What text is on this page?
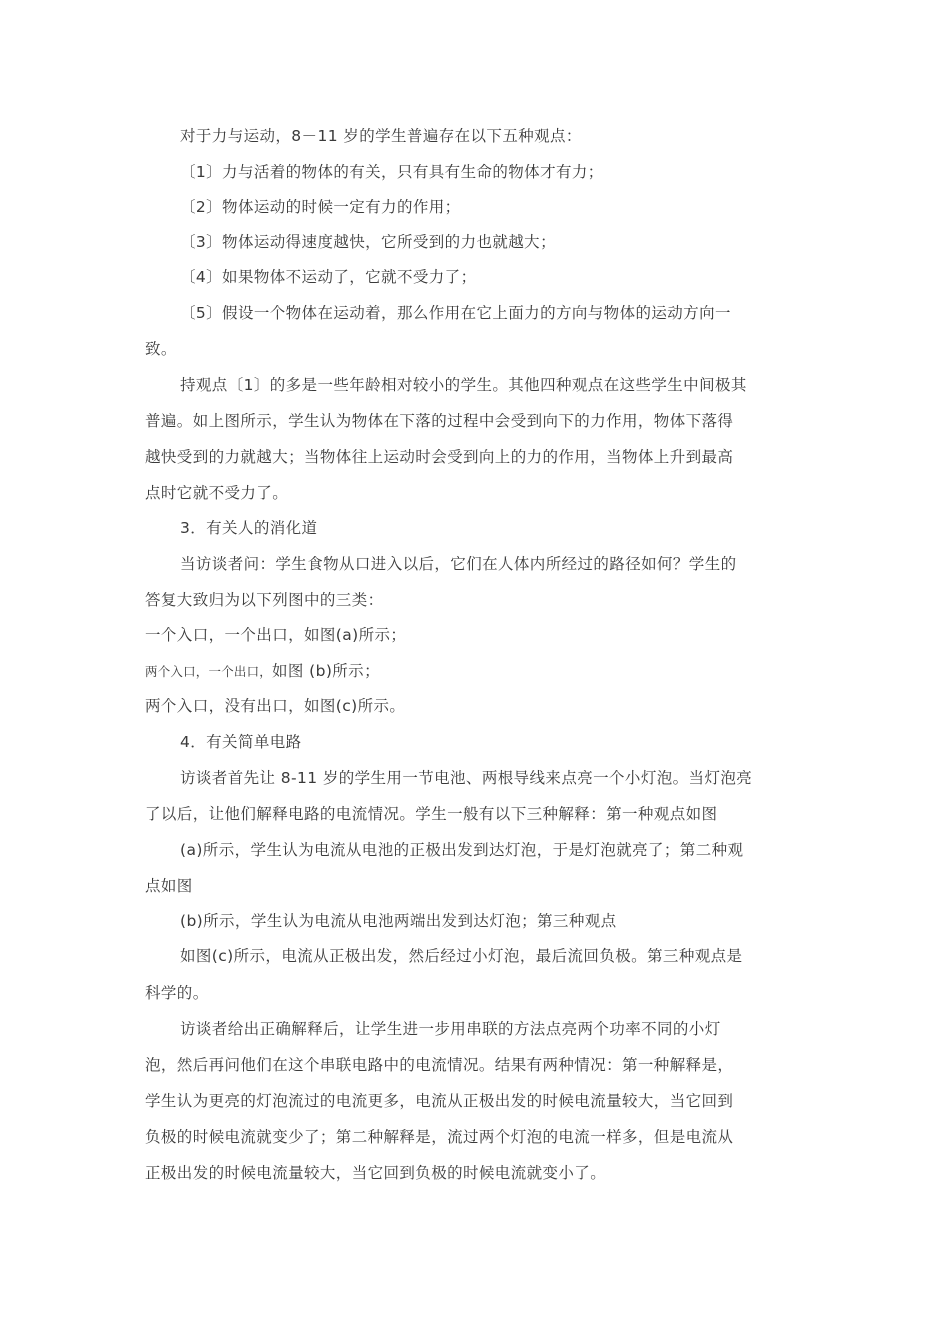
对于力与运动，8－11 岁的学生普遍存在以下五种观点：
〔1〕力与活着的物体的有关，只有具有生命的物体才有力；
〔2〕物体运动的时候一定有力的作用；
〔3〕物体运动得速度越快，它所受到的力也就越大；
〔4〕如果物体不运动了，它就不受力了；
〔5〕假设一个物体在运动着，那么作用在它上面力的方向与物体的运动方向一
致。
持观点〔1〕的多是一些年龄相对较小的学生。其他四种观点在这些学生中间极其
普遍。如上图所示，学生认为物体在下落的过程中会受到向下的力作用，物体下落得
越快受到的力就越大；当物体往上运动时会受到向上的力的作用，当物体上升到最高
点时它就不受力了。
3．有关人的消化道
当访谈者问：学生食物从口进入以后，它们在人体内所经过的路径如何？学生的
答复大致归为以下列图中的三类：
一个入口，一个出口，如图(a)所示；
两个入口，一个出口，如图 (b)所示；
两个入口，没有出口，如图(c)所示。
4．有关简单电路
访谈者首先让 8-11 岁的学生用一节电池、两根导线来点亮一个小灯泡。当灯泡亮
了以后，让他们解释电路的电流情况。学生一般有以下三种解释：第一种观点如图
(a)所示，学生认为电流从电池的正极出发到达灯泡，于是灯泡就亮了；第二种观
点如图
(b)所示，学生认为电流从电池两端出发到达灯泡；第三种观点
如图(c)所示，电流从正极出发，然后经过小灯泡，最后流回负极。第三种观点是
科学的。
访谈者给出正确解释后，让学生进一步用串联的方法点亮两个功率不同的小灯
泡，然后再问他们在这个串联电路中的电流情况。结果有两种情况：第一种解释是，
学生认为更亮的灯泡流过的电流更多，电流从正极出发的时候电流量较大，当它回到
负极的时候电流就变少了；第二种解释是，流过两个灯泡的电流一样多，但是电流从
正极出发的时候电流量较大，当它回到负极的时候电流就变小了。
